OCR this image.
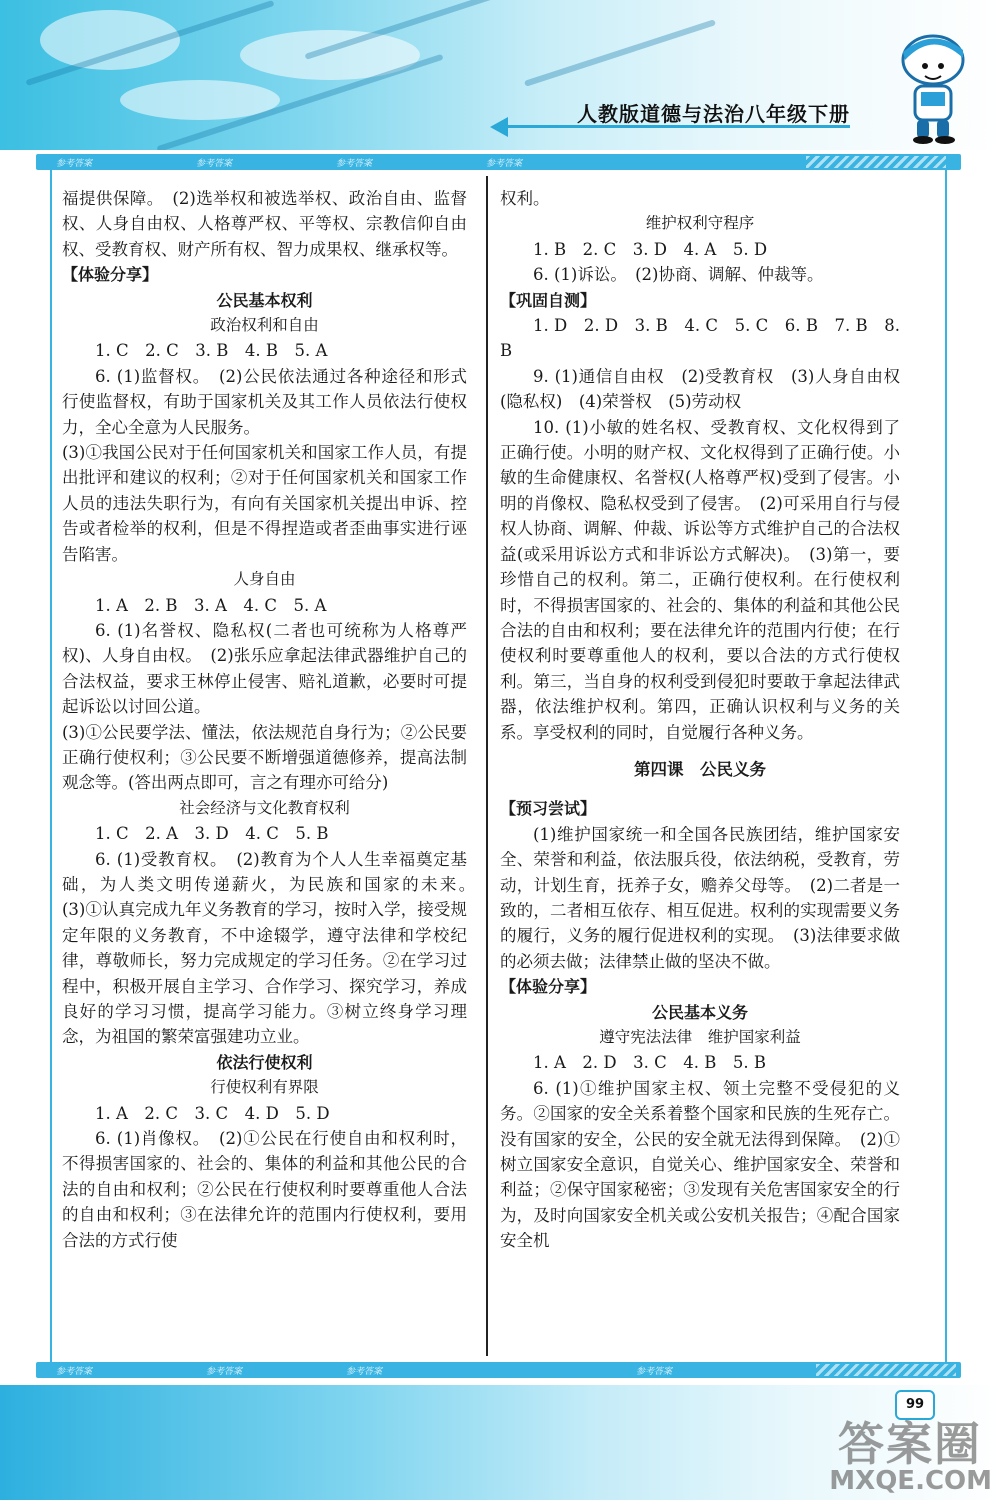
人教版道德与法治八年级下册
参考答案	参考答案	参考答案	参考答案

福提供保障。　(2)选举权和被选举权、政治自由、监督权、人身自由权、人格尊严权、平等权、宗教信仰自由权、受教育权、财产所有权、智力成果权、继承权等。

【体验分享】

公民基本权利

政治权利和自由

1. C　2. C　3. B　4. B　5. A

6. (1)监督权。　(2)公民依法通过各种途径和形式行使监督权，有助于国家机关及其工作人员依法行使权力，全心全意为人民服务。

(3)①我国公民对于任何国家机关和国家工作人员，有提出批评和建议的权利；②对于任何国家机关和国家工作人员的违法失职行为，有向有关国家机关提出申诉、控告或者检举的权利，但是不得捏造或者歪曲事实进行诬告陷害。

人身自由

1. A　2. B　3. A　4. C　5. A

6. (1)名誉权、隐私权(二者也可统称为人格尊严权)、人身自由权。　(2)张乐应拿起法律武器维护自己的合法权益，要求王林停止侵害、赔礼道歉，必要时可提起诉讼以讨回公道。

(3)①公民要学法、懂法，依法规范自身行为；②公民要正确行使权利；③公民要不断增强道德修养，提高法制观念等。(答出两点即可，言之有理亦可给分)

社会经济与文化教育权利

1. C　2. A　3. D　4. C　5. B

6. (1)受教育权。　(2)教育为个人人生幸福奠定基础，为人类文明传递薪火，为民族和国家的未来。　(3)①认真完成九年义务教育的学习，按时入学，接受规定年限的义务教育，不中途辍学，遵守法律和学校纪律，尊敬师长，努力完成规定的学习任务。②在学习过程中，积极开展自主学习、合作学习、探究学习，养成良好的学习习惯，提高学习能力。③树立终身学习理念，为祖国的繁荣富强建功立业。

依法行使权利

行使权利有界限

1. A　2. C　3. C　4. D　5. D

6. (1)肖像权。　(2)①公民在行使自由和权利时，不得损害国家的、社会的、集体的利益和其他公民的合法的自由和权利；②公民在行使权利时要尊重他人合法的自由和权利；③在法律允许的范围内行使权利，要用合法的方式行使

权利。

维护权利守程序

1. B　2. C　3. D　4. A　5. D

6. (1)诉讼。　(2)协商、调解、仲裁等。

【巩固自测】

1. D　2. D　3. B　4. C　5. C　6. B　7. B　8. B

9. (1)通信自由权　(2)受教育权　(3)人身自由权(隐私权)　(4)荣誉权　(5)劳动权

10. (1)小敏的姓名权、受教育权、文化权得到了正确行使。小明的财产权、文化权得到了正确行使。小敏的生命健康权、名誉权(人格尊严权)受到了侵害。小明的肖像权、隐私权受到了侵害。　(2)可采用自行与侵权人协商、调解、仲裁、诉讼等方式维护自己的合法权益(或采用诉讼方式和非诉讼方式解决)。　(3)第一，要珍惜自己的权利。第二，正确行使权利。在行使权利时，不得损害国家的、社会的、集体的利益和其他公民合法的自由和权利；要在法律允许的范围内行使；在行使权利时要尊重他人的权利，要以合法的方式行使权利。第三，当自身的权利受到侵犯时要敢于拿起法律武器，依法维护权利。第四，正确认识权利与义务的关系。享受权利的同时，自觉履行各种义务。

第四课　公民义务

【预习尝试】

(1)维护国家统一和全国各民族团结，维护国家安全、荣誉和利益，依法服兵役，依法纳税，受教育，劳动，计划生育，抚养子女，赡养父母等。　(2)二者是一致的，二者相互依存、相互促进。权利的实现需要义务的履行，义务的履行促进权利的实现。　(3)法律要求做的必须去做；法律禁止做的坚决不做。

【体验分享】

公民基本义务

遵守宪法法律　维护国家利益

1. A　2. D　3. C　4. B　5. B

6. (1)①维护国家主权、领土完整不受侵犯的义务。②国家的安全关系着整个国家和民族的生死存亡。没有国家的安全，公民的安全就无法得到保障。　(2)①树立国家安全意识，自觉关心、维护国家安全、荣誉和利益；②保守国家秘密；③发现有关危害国家安全的行为，及时向国家安全机关或公安机关报告；④配合国家安全机

参考答案	参考答案	参考答案	参考答案
99
答案圈
MXQE.COM
